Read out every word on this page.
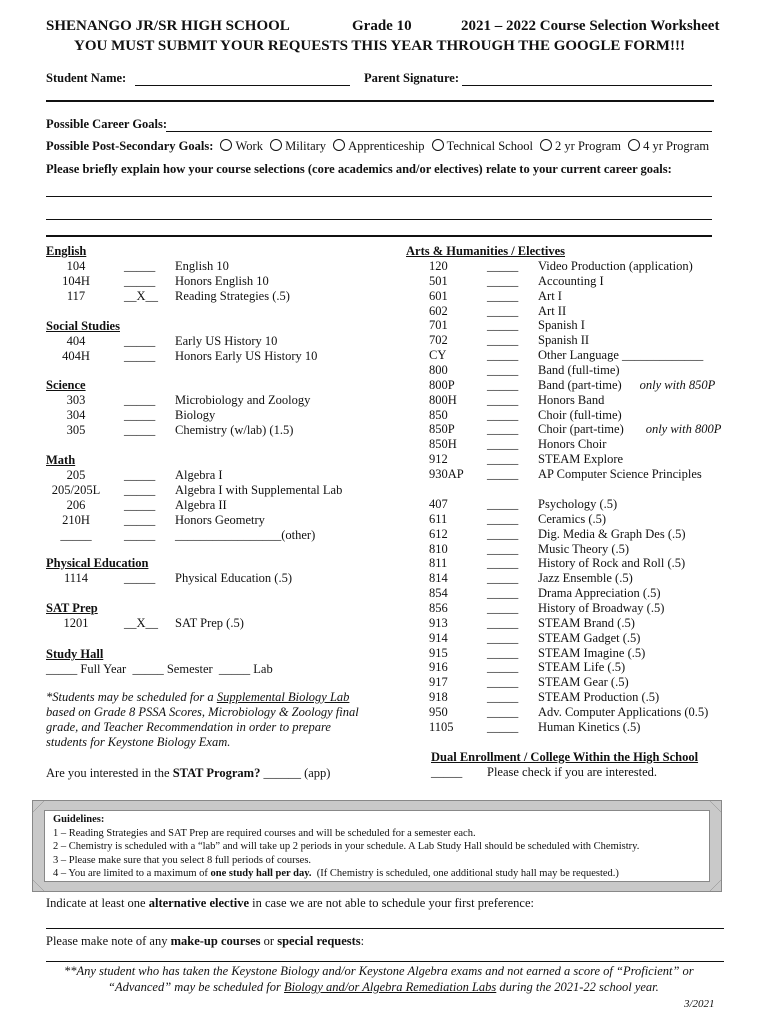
SHENANGO JR/SR HIGH SCHOOL	Grade 10	2021 – 2022 Course Selection Worksheet
YOU MUST SUBMIT YOUR REQUESTS THIS YEAR THROUGH THE GOOGLE FORM!!!
Student Name:	Parent Signature:
Possible Career Goals:
Possible Post-Secondary Goals: Work Military Apprenticeship Technical School 2 yr Program 4 yr Program
Please briefly explain how your course selections (core academics and/or electives) relate to your current career goals:
English
104	_____ English 10
104H	_____ Honors English 10
117	__X__ Reading Strategies (.5)
Social Studies
404	_____ Early US History 10
404H	_____ Honors Early US History 10
Science
303	_____ Microbiology and Zoology
304	_____ Biology
305	_____ Chemistry (w/lab) (1.5)
Math
205	_____ Algebra I
205/205L	_____ Algebra I with Supplemental Lab
206	_____ Algebra II
210H	_____ Honors Geometry
_____	_____ _________________(other)
Physical Education
1114	_____ Physical Education (.5)
SAT Prep
1201	__X__ SAT Prep (.5)
Study Hall
_____ Full Year  _____ Semester  _____ Lab
*Students may be scheduled for a Supplemental Biology Lab based on Grade 8 PSSA Scores, Microbiology & Zoology final grade, and Teacher Recommendation in order to prepare students for Keystone Biology Exam.
Are you interested in the STAT Program? ______ (app)
Arts & Humanities / Electives
120	_____ Video Production (application)
501	_____ Accounting I
601	_____ Art I
602	_____ Art II
701	_____ Spanish I
702	_____ Spanish II
CY	_____ Other Language _____________
800	_____ Band (full-time)
800P	_____ Band (part-time) only with 850P
800H _____ Honors Band
850	_____ Choir (full-time)
850P	_____ Choir (part-time) only with 800P
850H _____ Honors Choir
912	_____ STEAM Explore
930AP _____ AP Computer Science Principles
407	_____ Psychology (.5)
611	_____ Ceramics (.5)
612	_____ Dig. Media & Graph Des (.5)
810	_____ Music Theory (.5)
811	_____ History of Rock and Roll (.5)
814	_____ Jazz Ensemble (.5)
854	_____ Drama Appreciation (.5)
856	_____ History of Broadway (.5)
913	_____ STEAM Brand (.5)
914	_____ STEAM Gadget (.5)
915	_____ STEAM Imagine (.5)
916	_____ STEAM Life (.5)
917	_____ STEAM Gear (.5)
918	_____ STEAM Production (.5)
950	_____ Adv. Computer Applications (0.5)
1105	_____ Human Kinetics (.5)
Dual Enrollment / College Within the High School
_____ Please check if you are interested.
Guidelines:
1 – Reading Strategies and SAT Prep are required courses and will be scheduled for a semester each.
2 – Chemistry is scheduled with a “lab” and will take up 2 periods in your schedule. A Lab Study Hall should be scheduled with Chemistry.
3 – Please make sure that you select 8 full periods of courses.
4 – You are limited to a maximum of one study hall per day.  (If Chemistry is scheduled, one additional study hall may be requested.)
Indicate at least one alternative elective in case we are not able to schedule your first preference:
Please make note of any make-up courses or special requests:
**Any student who has taken the Keystone Biology and/or Keystone Algebra exams and not earned a score of “Proficient” or
“Advanced” may be scheduled for Biology and/or Algebra Remediation Labs during the 2021-22 school year.
3/2021
